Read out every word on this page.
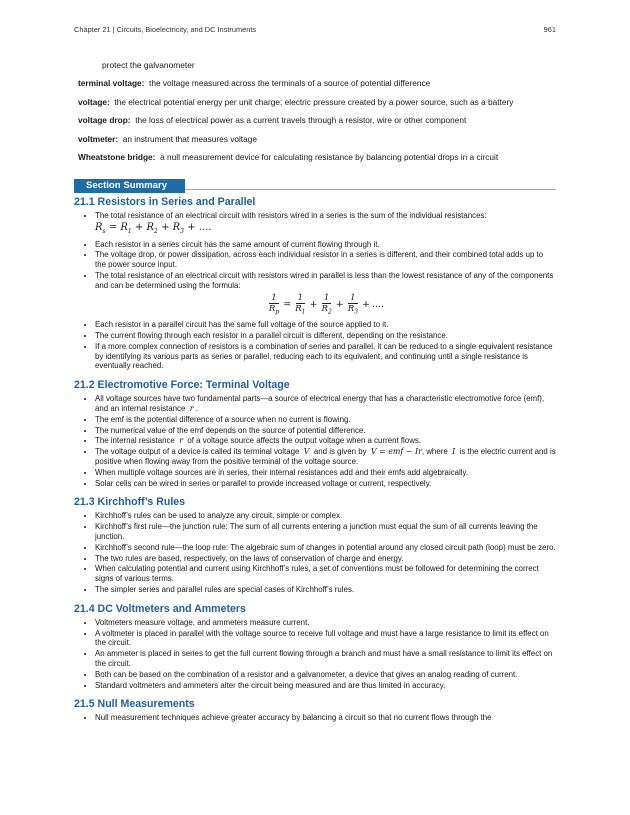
Chapter 21 | Circuits, Bioelectricity, and DC Instruments	961
protect the galvanometer
terminal voltage: the voltage measured across the terminals of a source of potential difference
voltage: the electrical potential energy per unit charge; electric pressure created by a power source, such as a battery
voltage drop: the loss of electrical power as a current travels through a resistor, wire or other component
voltmeter: an instrument that measures voltage
Wheatstone bridge: a null measurement device for calculating resistance by balancing potential drops in a circuit
Section Summary
21.1 Resistors in Series and Parallel
• The total resistance of an electrical circuit with resistors wired in a series is the sum of the individual resistances:
$R_s = R_1 + R_2 + R_3$ + ....
• Each resistor in a series circuit has the same amount of current flowing through it.
• The voltage drop, or power dissipation, across each individual resistor in a series is different, and their combined total adds up to the power source input.
• The total resistance of an electrical circuit with resistors wired in parallel is less than the lowest resistance of any of the components and can be determined using the formula:
$\frac{1}{R_p} = \frac{1}{R_1} + \frac{1}{R_2} + \frac{1}{R_3}$ + ....
• Each resistor in a parallel circuit has the same full voltage of the source applied to it.
• The current flowing through each resistor in a parallel circuit is different, depending on the resistance.
• If a more complex connection of resistors is a combination of series and parallel, it can be reduced to a single equivalent resistance by identifying its various parts as series or parallel, reducing each to its equivalent, and continuing until a single resistance is eventually reached.
21.2 Electromotive Force: Terminal Voltage
• All voltage sources have two fundamental parts—a source of electrical energy that has a characteristic electromotive force (emf), and an internal resistance r .
• The emf is the potential difference of a source when no current is flowing.
• The numerical value of the emf depends on the source of potential difference.
• The internal resistance r of a voltage source affects the output voltage when a current flows.
• The voltage output of a device is called its terminal voltage V and is given by V = emf − Ir, where I is the electric current and is positive when flowing away from the positive terminal of the voltage source.
• When multiple voltage sources are in series, their internal resistances add and their emfs add algebraically.
• Solar cells can be wired in series or parallel to provide increased voltage or current, respectively.
21.3 Kirchhoff’s Rules
• Kirchhoff’s rules can be used to analyze any circuit, simple or complex.
• Kirchhoff’s first rule—the junction rule: The sum of all currents entering a junction must equal the sum of all currents leaving the junction.
• Kirchhoff’s second rule—the loop rule: The algebraic sum of changes in potential around any closed circuit path (loop) must be zero.
• The two rules are based, respectively, on the laws of conservation of charge and energy.
• When calculating potential and current using Kirchhoff’s rules, a set of conventions must be followed for determining the correct signs of various terms.
• The simpler series and parallel rules are special cases of Kirchhoff’s rules.
21.4 DC Voltmeters and Ammeters
• Voltmeters measure voltage, and ammeters measure current.
• A voltmeter is placed in parallel with the voltage source to receive full voltage and must have a large resistance to limit its effect on the circuit.
• An ammeter is placed in series to get the full current flowing through a branch and must have a small resistance to limit its effect on the circuit.
• Both can be based on the combination of a resistor and a galvanometer, a device that gives an analog reading of current.
• Standard voltmeters and ammeters alter the circuit being measured and are thus limited in accuracy.
21.5 Null Measurements
• Null measurement techniques achieve greater accuracy by balancing a circuit so that no current flows through the
